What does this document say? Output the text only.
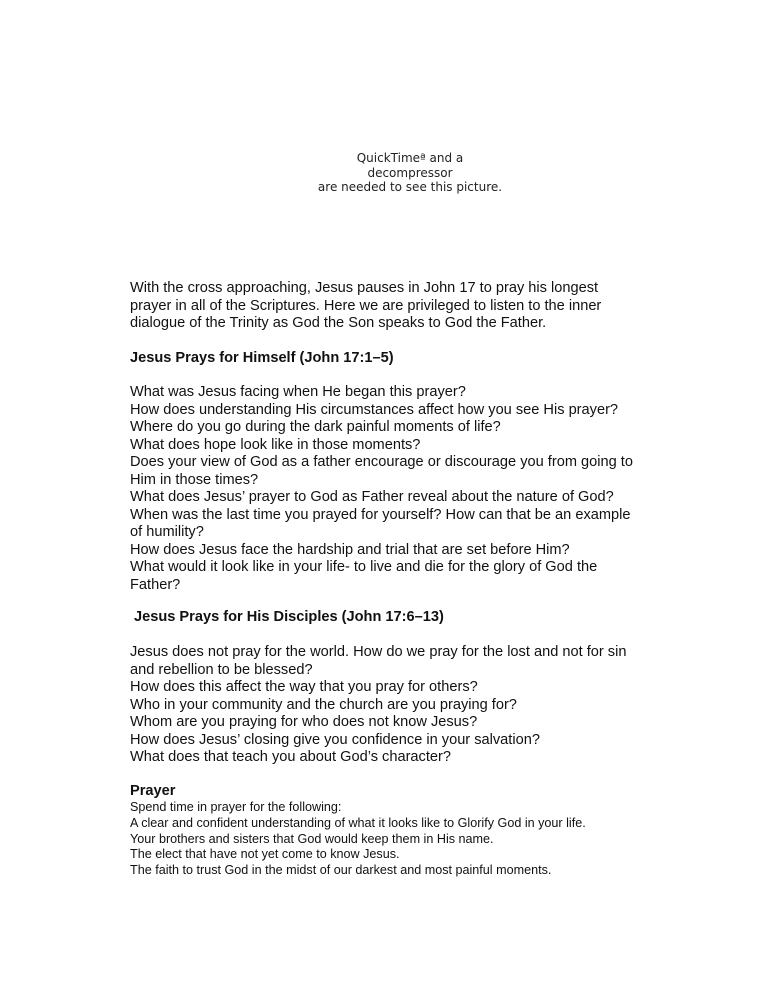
QuickTimeª and a
decompressor
are needed to see this picture.
With the cross approaching, Jesus pauses in John 17 to pray his longest
prayer in all of the Scriptures. Here we are privileged to listen to the inner
dialogue of the Trinity as God the Son speaks to God the Father.
Jesus Prays for Himself (John 17:1–5)
What was Jesus facing when He began this prayer?
How does understanding His circumstances affect how you see His prayer?
Where do you go during the dark painful moments of life?
What does hope look like in those moments?
Does your view of God as a father encourage or discourage you from going to
Him in those times?
What does Jesus’ prayer to God as Father reveal about the nature of God?
When was the last time you prayed for yourself? How can that be an example
of humility?
How does Jesus face the hardship and trial that are set before Him?
What would it look like in your life- to live and die for the glory of God the
Father?
Jesus Prays for His Disciples (John 17:6–13)
Jesus does not pray for the world. How do we pray for the lost and not for sin
and rebellion to be blessed?
How does this affect the way that you pray for others?
Who in your community and the church are you praying for?
Whom are you praying for who does not know Jesus?
How does Jesus’ closing give you confidence in your salvation?
What does that teach you about God’s character?
Prayer
Spend time in prayer for the following:
A clear and confident understanding of what it looks like to Glorify God in your life.
Your brothers and sisters that God would keep them in His name.
The elect that have not yet come to know Jesus.
The faith to trust God in the midst of our darkest and most painful moments.
